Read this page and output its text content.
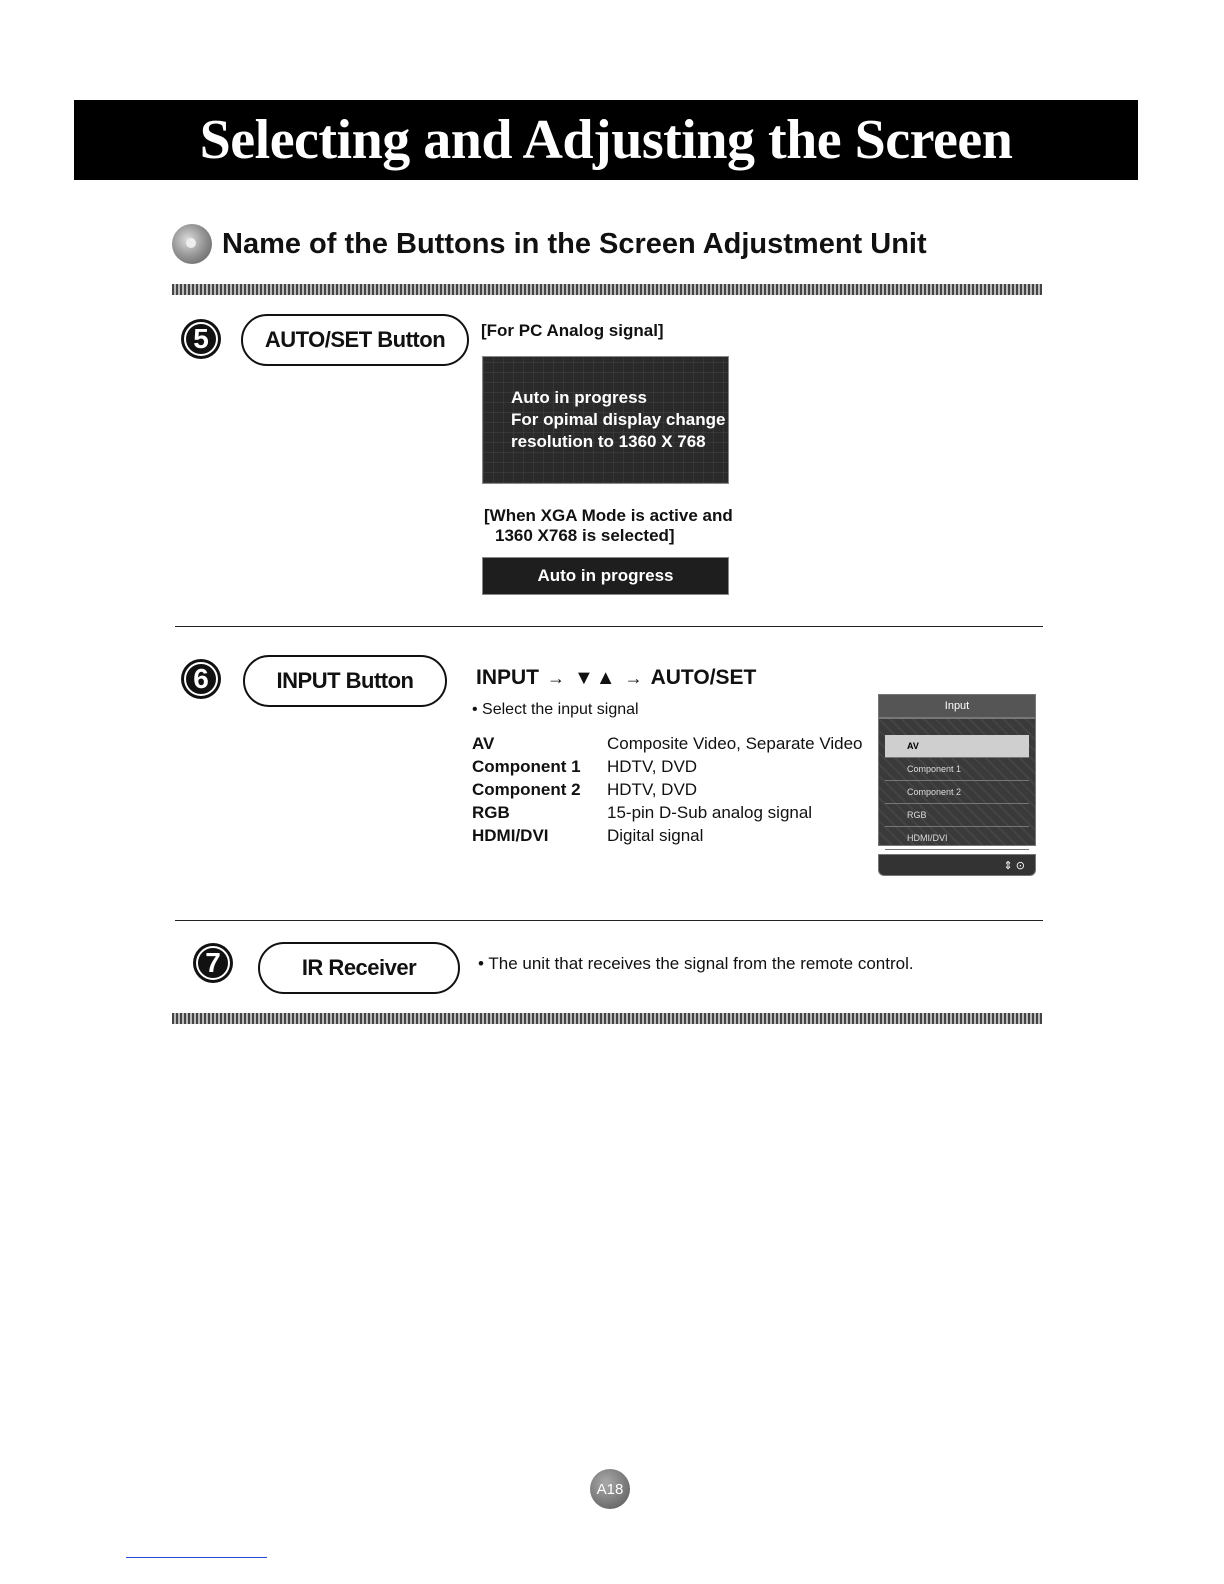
Selecting and Adjusting the Screen
Name of the Buttons in the Screen Adjustment Unit
5	AUTO/SET Button [For PC Analog signal]
Auto in progress
For opimal display change
resolution to 1360 X 768
[When XGA Mode is active and
1360 X768 is selected]
Auto in progress
6	INPUT Button	INPUT → ▼ ▲ → AUTO/SET
• Select the input signal
AV	Composite Video, Separate Video
Component 1	HDTV, DVD
Component 2	HDTV, DVD
RGB	15-pin D-Sub analog signal
HDMI/DVI	Digital signal
Input
AV
Component 1
Component 2
RGB
HDMI/DVI
⇕ ⊙
7	IR Receiver	• The unit that receives the signal from the remote control.
A18
